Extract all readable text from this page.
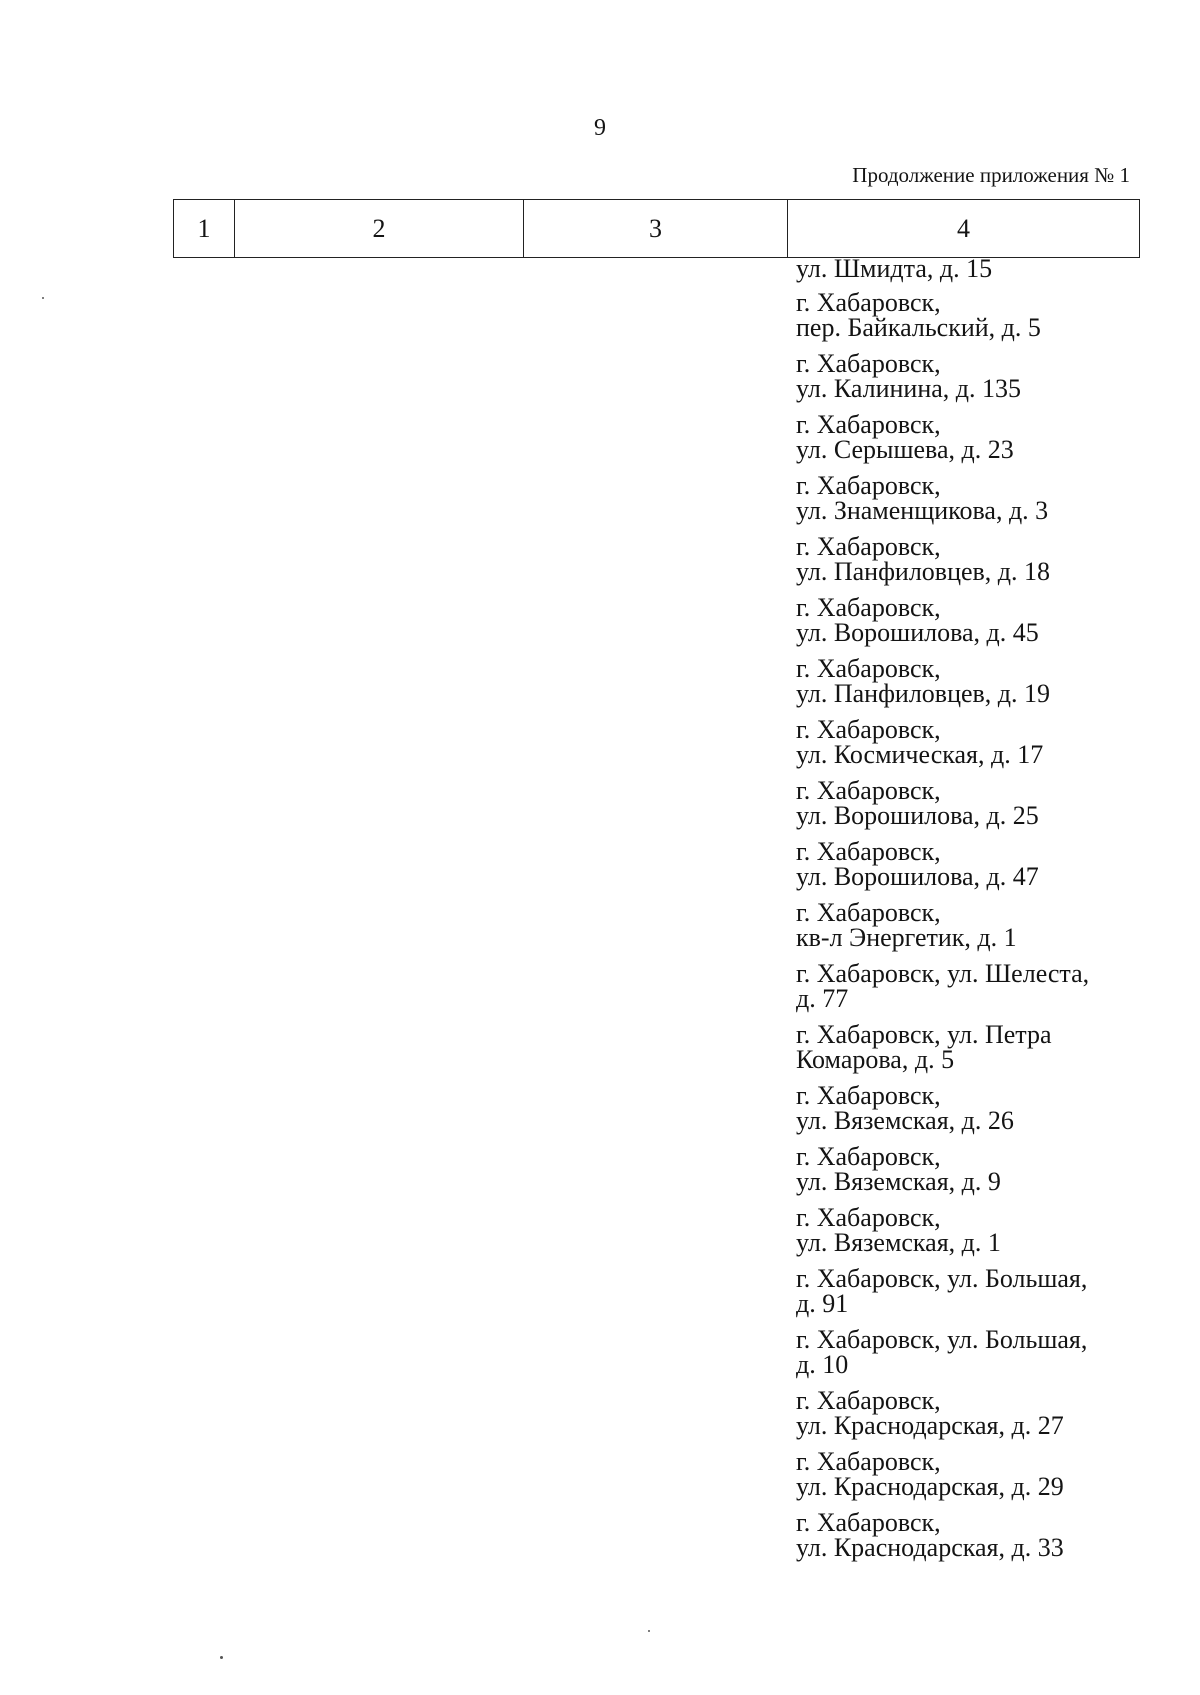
9
Продолжение приложения № 1
1	2	3	4
ул. Шмидта, д. 15
г. Хабаровск,
пер. Байкальский, д. 5
г. Хабаровск,
ул. Калинина, д. 135
г. Хабаровск,
ул. Серышева, д. 23
г. Хабаровск,
ул. Знаменщикова, д. 3
г. Хабаровск,
ул. Панфиловцев, д. 18
г. Хабаровск,
ул. Ворошилова, д. 45
г. Хабаровск,
ул. Панфиловцев, д. 19
г. Хабаровск,
ул. Космическая, д. 17
г. Хабаровск,
ул. Ворошилова, д. 25
г. Хабаровск,
ул. Ворошилова, д. 47
г. Хабаровск,
кв-л Энергетик, д. 1
г. Хабаровск, ул. Шелеста,
д. 77
г. Хабаровск, ул. Петра
Комарова, д. 5
г. Хабаровск,
ул. Вяземская, д. 26
г. Хабаровск,
ул. Вяземская, д. 9
г. Хабаровск,
ул. Вяземская, д. 1
г. Хабаровск, ул. Большая,
д. 91
г. Хабаровск, ул. Большая,
д. 10
г. Хабаровск,
ул. Краснодарская, д. 27
г. Хабаровск,
ул. Краснодарская, д. 29
г. Хабаровск,
ул. Краснодарская, д. 33
